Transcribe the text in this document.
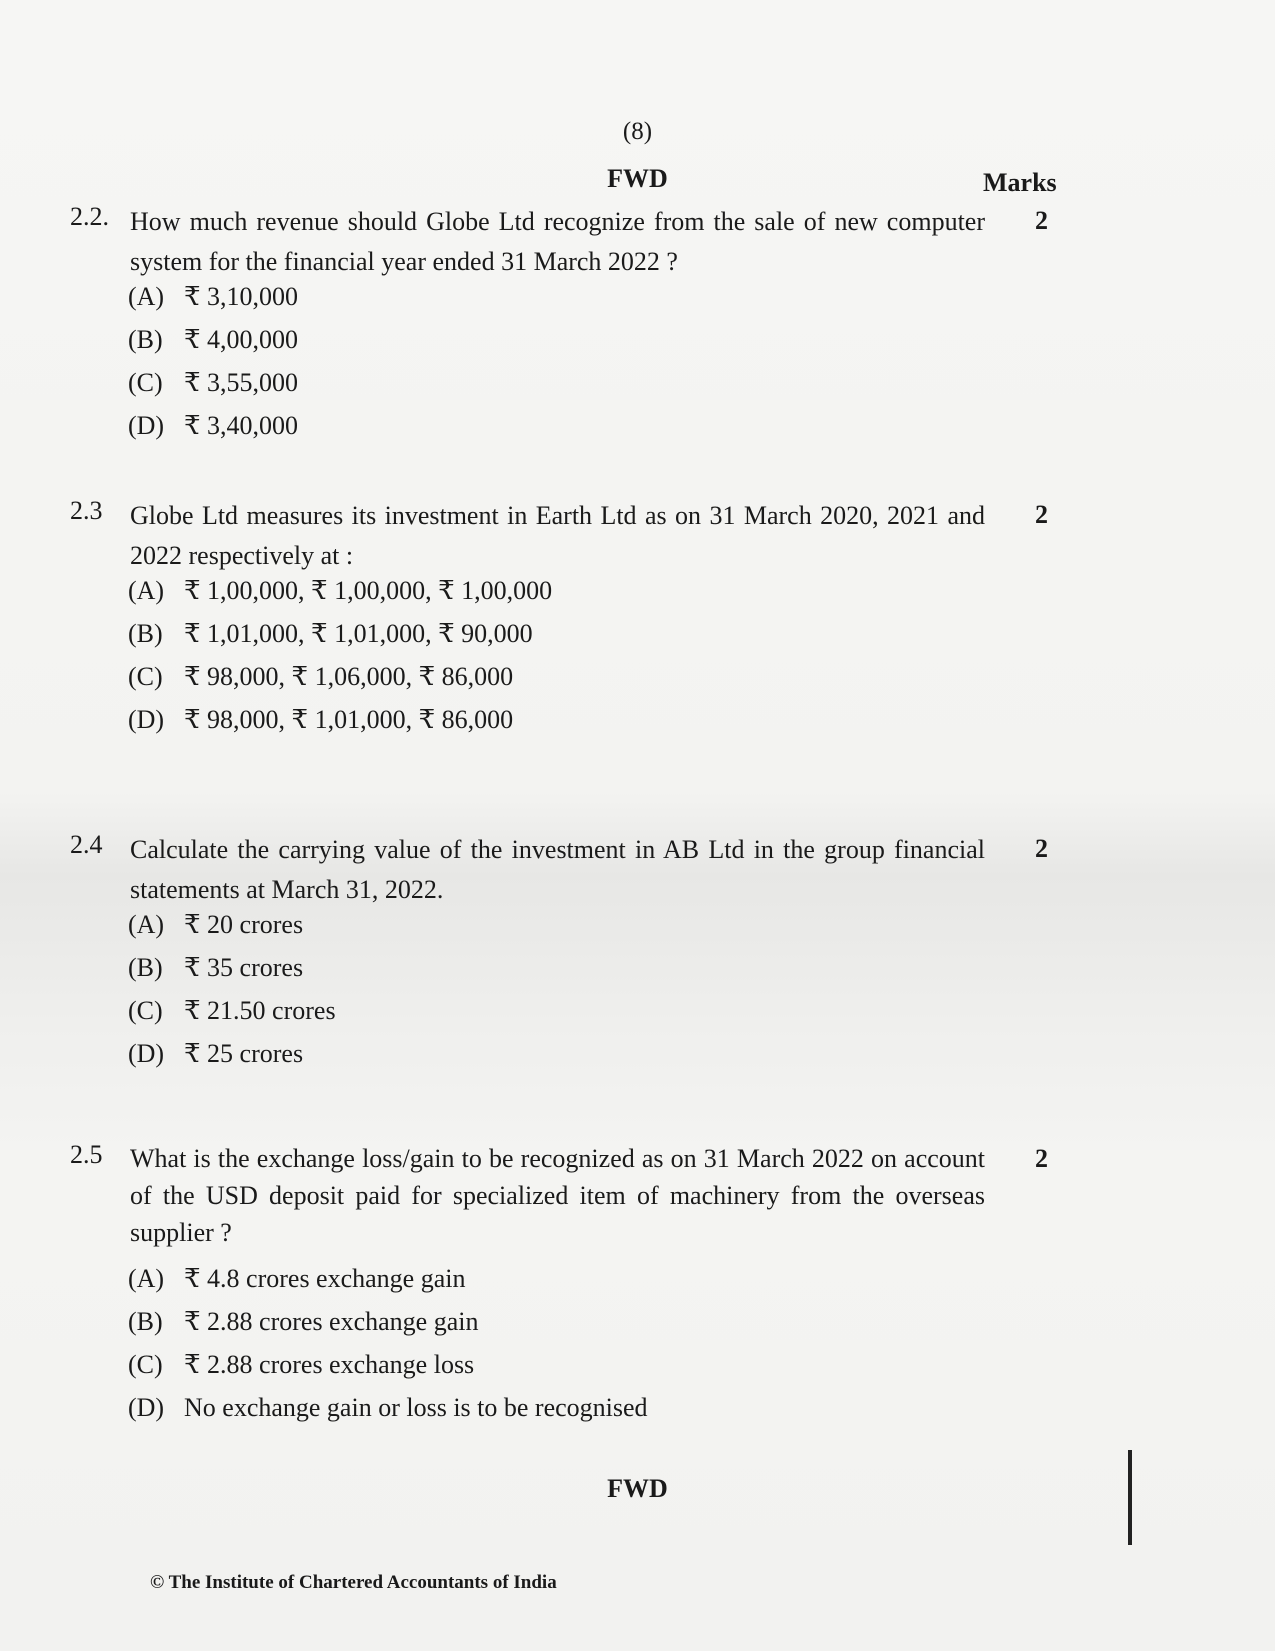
(8)
FWD	Marks
2.2. How much revenue should Globe Ltd recognize from the sale of new computer system for the financial year ended 31 March 2022 ?
2
(A) ₹ 3,10,000
(B) ₹ 4,00,000
(C) ₹ 3,55,000
(D) ₹ 3,40,000
2.3 Globe Ltd measures its investment in Earth Ltd as on 31 March 2020, 2021 and 2022 respectively at :
2
(A) ₹ 1,00,000, ₹ 1,00,000, ₹ 1,00,000
(B) ₹ 1,01,000, ₹ 1,01,000, ₹ 90,000
(C) ₹ 98,000, ₹ 1,06,000, ₹ 86,000
(D) ₹ 98,000, ₹ 1,01,000, ₹ 86,000
2.4 Calculate the carrying value of the investment in AB Ltd in the group financial statements at March 31, 2022.
2
(A) ₹ 20 crores
(B) ₹ 35 crores
(C) ₹ 21.50 crores
(D) ₹ 25 crores
2.5 What is the exchange loss/gain to be recognized as on 31 March 2022 on account of the USD deposit paid for specialized item of machinery from the overseas supplier ?
2
(A) ₹ 4.8 crores exchange gain
(B) ₹ 2.88 crores exchange gain
(C) ₹ 2.88 crores exchange loss
(D) No exchange gain or loss is to be recognised
FWD
© The Institute of Chartered Accountants of India
